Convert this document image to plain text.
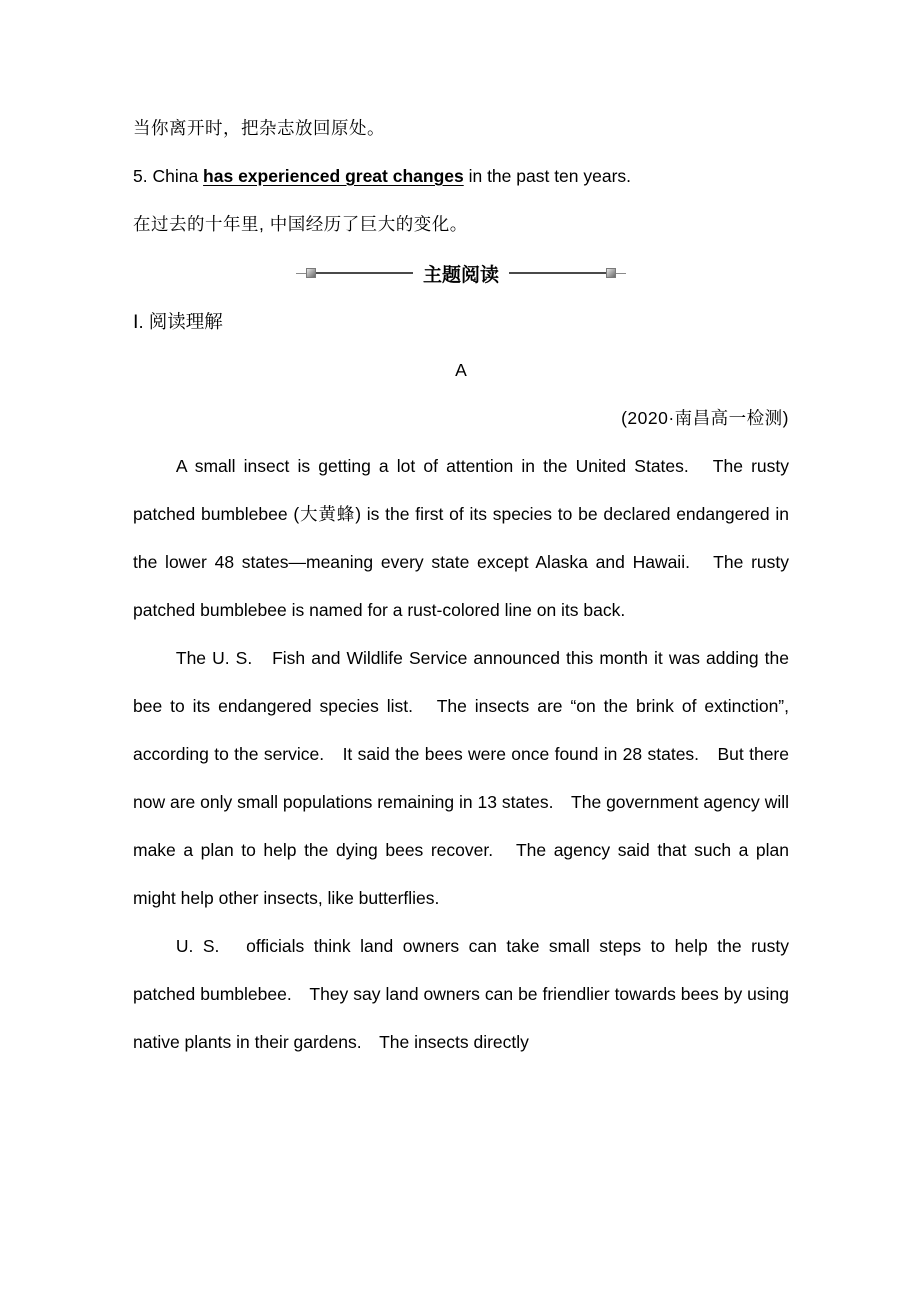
当你离开时，把杂志放回原处。
5. China has experienced great changes in the past ten years.
在过去的十年里, 中国经历了巨大的变化。
主题阅读
Ⅰ. 阅读理解
A
(2020·南昌高一检测)

A small insect is getting a lot of attention in the United States.　The rusty patched bumblebee (大黄蜂) is the first of its species to be declared endangered in the lower 48 states—meaning every state except Alaska and Hawaii.　The rusty patched bumblebee is named for a rust-colored line on its back.

The U. S.　Fish and Wildlife Service announced this month it was adding the bee to its endangered species list.　The insects are “on the brink of extinction”,　according to the service.　It said the bees were once found in 28 states.　But there now are only small populations remaining in 13 states.　The government agency will make a plan to help the dying bees recover.　The agency said that such a plan might help other insects, like butterflies.

U. S.　officials think land owners can take small steps to help the rusty patched bumblebee.　They say land owners can be friendlier towards bees by using native plants in their gardens.　The insects directly
